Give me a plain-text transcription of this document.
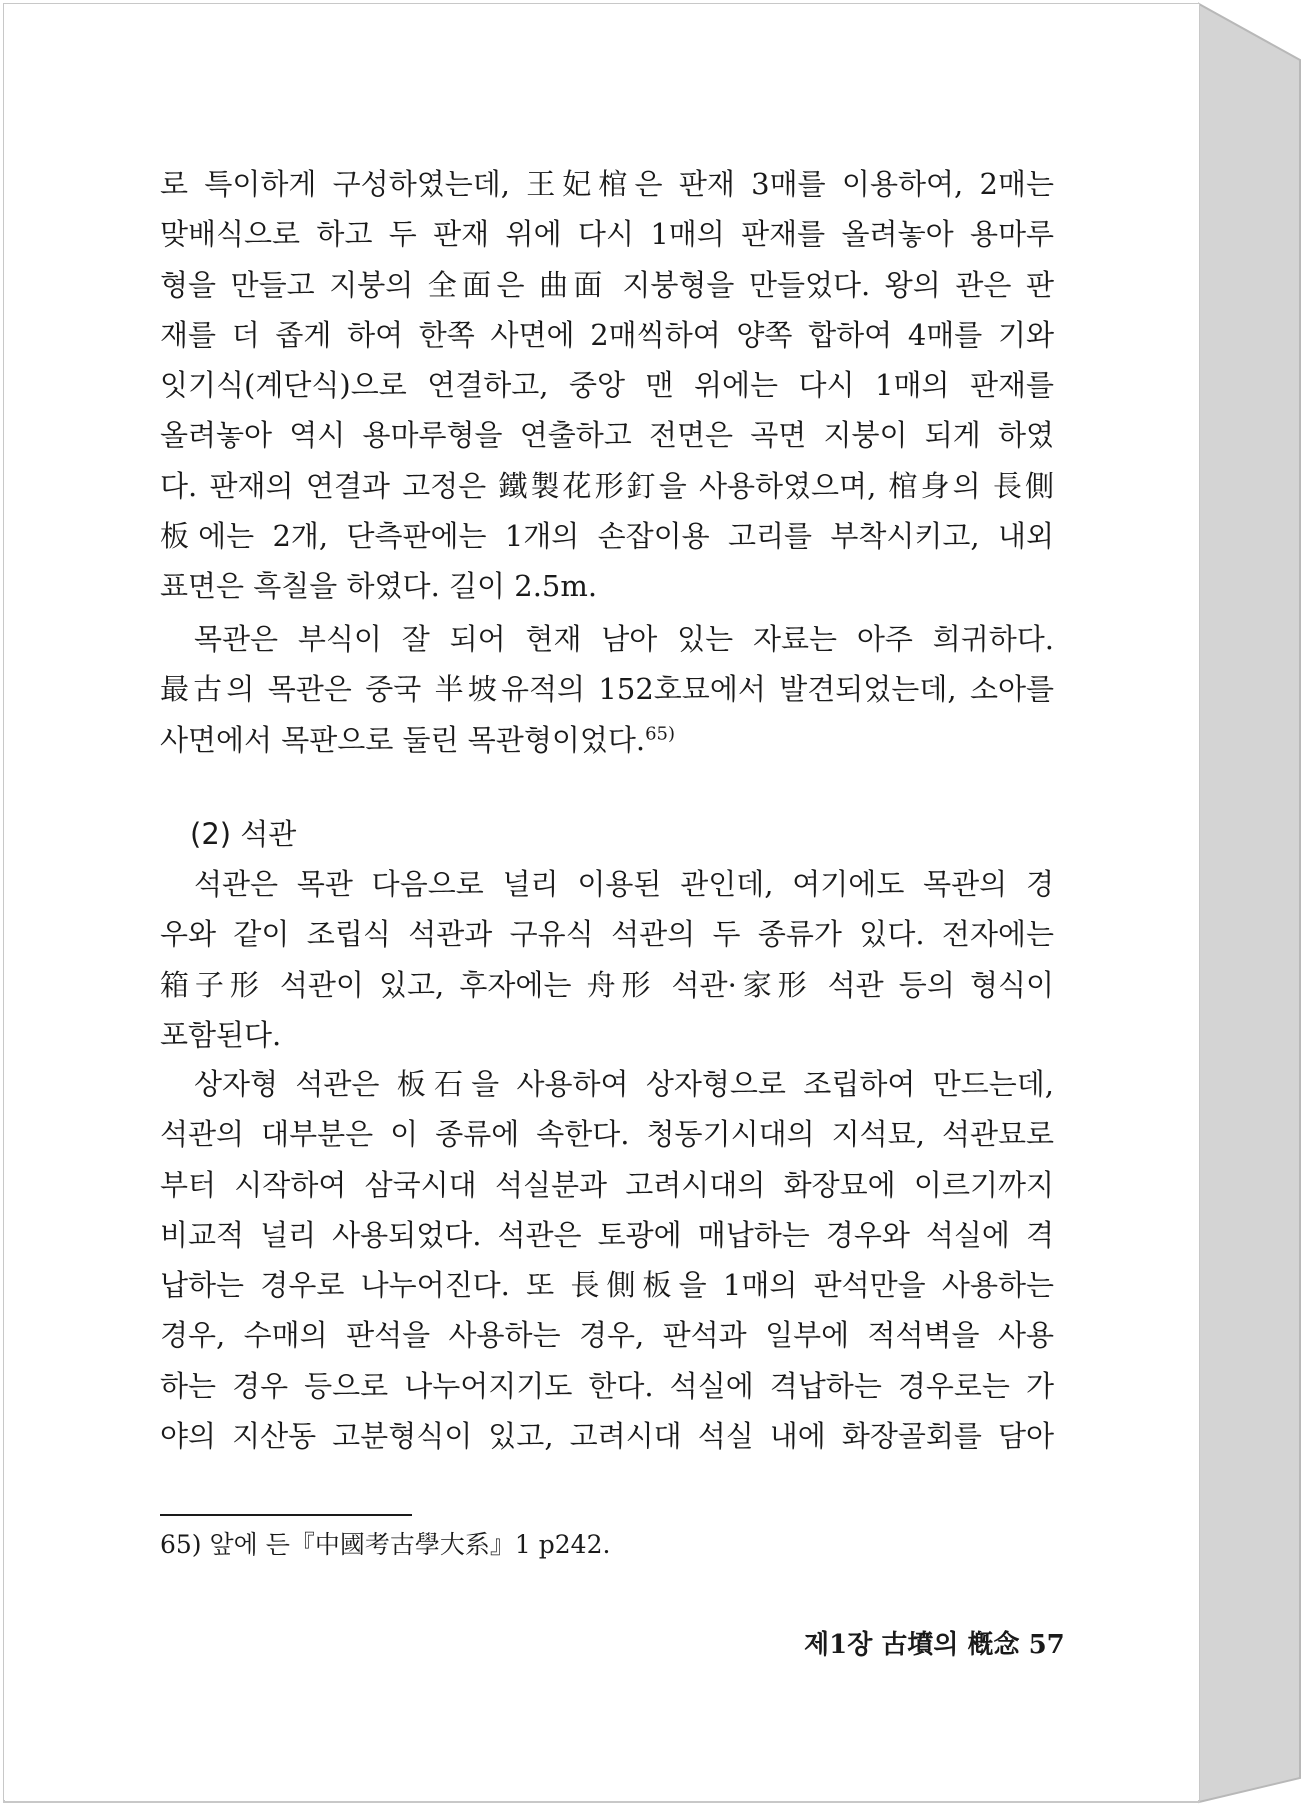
로 특이하게 구성하였는데, 王妃棺은 판재 3매를 이용하여, 2매는
맞배식으로 하고 두 판재 위에 다시 1매의 판재를 올려놓아 용마루
형을 만들고 지붕의 全面은 曲面 지붕형을 만들었다. 왕의 관은 판
재를 더 좁게 하여 한쪽 사면에 2매씩하여 양쪽 합하여 4매를 기와
잇기식(계단식)으로 연결하고, 중앙 맨 위에는 다시 1매의 판재를
올려놓아 역시 용마루형을 연출하고 전면은 곡면 지붕이 되게 하였
다. 판재의 연결과 고정은 鐵製花形釘을 사용하였으며, 棺身의 長側
板에는 2개, 단측판에는 1개의 손잡이용 고리를 부착시키고, 내외
표면은 흑칠을 하였다. 길이 2.5m.
목관은 부식이 잘 되어 현재 남아 있는 자료는 아주 희귀하다.
最古의 목관은 중국 半坡유적의 152호묘에서 발견되었는데, 소아를
사면에서 목판으로 둘린 목관형이었다.$^{65)}$
(2) 석관
석관은 목관 다음으로 널리 이용된 관인데, 여기에도 목관의 경
우와 같이 조립식 석관과 구유식 석관의 두 종류가 있다. 전자에는
箱子形 석관이 있고, 후자에는 舟形 석관·家形 석관 등의 형식이
포함된다.
상자형 석관은 板石을 사용하여 상자형으로 조립하여 만드는데,
석관의 대부분은 이 종류에 속한다. 청동기시대의 지석묘, 석관묘로
부터 시작하여 삼국시대 석실분과 고려시대의 화장묘에 이르기까지
비교적 널리 사용되었다. 석관은 토광에 매납하는 경우와 석실에 격
납하는 경우로 나누어진다. 또 長側板을 1매의 판석만을 사용하는
경우, 수매의 판석을 사용하는 경우, 판석과 일부에 적석벽을 사용
하는 경우 등으로 나누어지기도 한다. 석실에 격납하는 경우로는 가
야의 지산동 고분형식이 있고, 고려시대 석실 내에 화장골회를 담아
65) 앞에 든『中國考古學大系』1 p242.
제1장 古墳의 槪念 57
